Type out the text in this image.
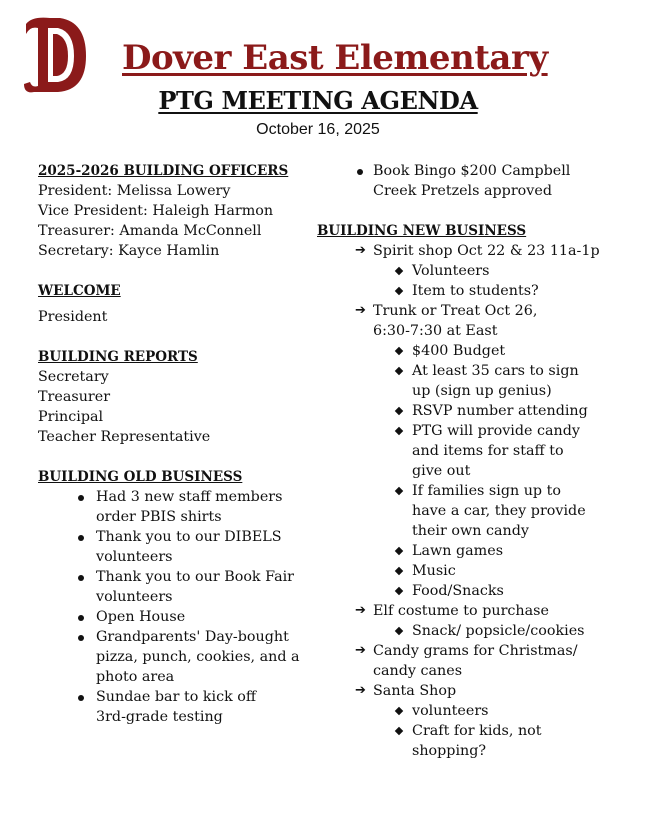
Dover East Elementary
PTG MEETING AGENDA
October 16, 2025
2025-2026 BUILDING OFFICERS
President: Melissa Lowery
Vice President: Haleigh Harmon
Treasurer: Amanda McConnell
Secretary: Kayce Hamlin
WELCOME
President
BUILDING REPORTS
Secretary
Treasurer
Principal
Teacher Representative
BUILDING OLD BUSINESS
Had 3 new staff members
order PBIS shirts
Thank you to our DIBELS
volunteers
Thank you to our Book Fair
volunteers
Open House
Grandparents' Day-bought
pizza, punch, cookies, and a
photo area
Sundae bar to kick off
3rd-grade testing
Book Bingo $200 Campbell
Creek Pretzels approved
BUILDING NEW BUSINESS
➔ Spirit shop Oct 22 & 23 11a-1p
Volunteers
Item to students?
➔ Trunk or Treat Oct 26,
6:30-7:30 at East
$400 Budget
At least 35 cars to sign
up (sign up genius)
RSVP number attending
PTG will provide candy
and items for staff to
give out
If families sign up to
have a car, they provide
their own candy
Lawn games
Music
Food/Snacks
➔ Elf costume to purchase
Snack/ popsicle/cookies
➔ Candy grams for Christmas/
candy canes
➔ Santa Shop
volunteers
Craft for kids, not
shopping?
